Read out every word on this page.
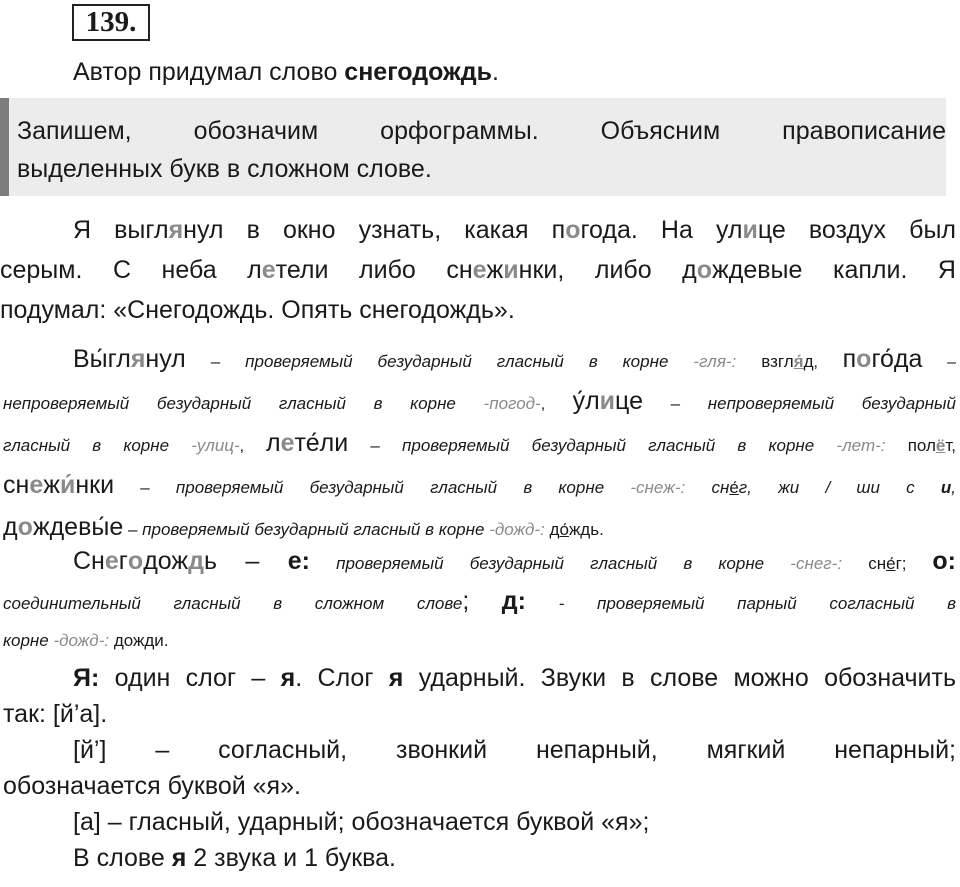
139.

Автор придумал слово снегодождь.

Запишем, обозначим орфограммы. Объясним правописание
выделенных букв в сложном слове.
Я выглянул в окно узнать, какая погода. На улице воздух был
серым. С неба летели либо снежинки, либо дождевые капли. Я
подумал: «Снегодождь. Опять снегодождь».
Вы́глянул – проверяемый безударный гласный в корне -гля-: взгля́д, пого́да –
непроверяемый безударный гласный в корне -погод-, у́лице – непроверяемый безударный
гласный в корне -улиц-, лете́ли – проверяемый безударный гласный в корне -лет-: полёт,
снежи́нки – проверяемый безударный гласный в корне -снеж-: сне́г, жи / ши с и,
дождевы́е – проверяемый безударный гласный в корне -дожд-: до́ждь.
Снегодождь – е: проверяемый безударный гласный в корне -снег-: сне́г; о:
соединительный гласный в сложном слове; д: - проверяемый парный согласный в
корне -дожд-: дожди.
Я: один слог – я. Слог я ударный. Звуки в слове можно обозначить
так: [й’а].
[й’] – согласный, звонкий непарный, мягкий непарный;
обозначается буквой «я».
[а] – гласный, ударный; обозначается буквой «я»;
В слове я 2 звука и 1 буква.
